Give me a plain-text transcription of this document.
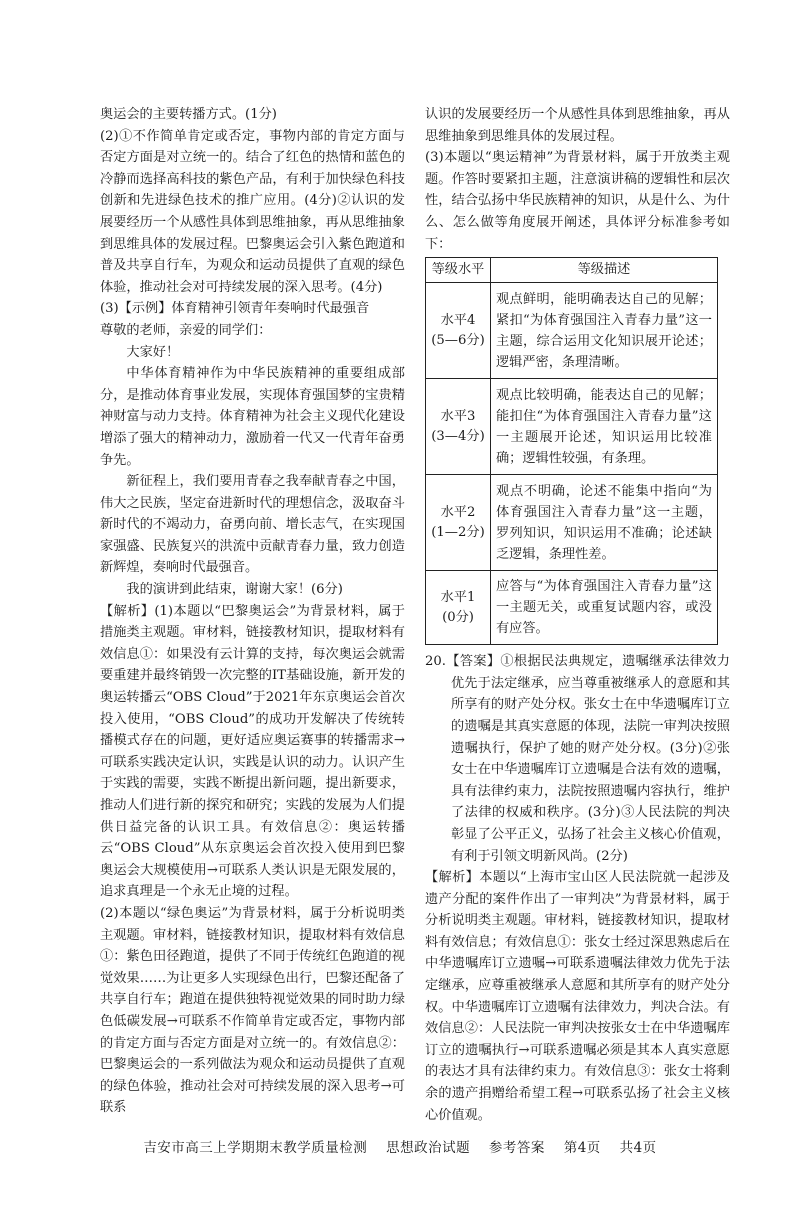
奥运会的主要转播方式。(1分)

(2)①不作简单肯定或否定，事物内部的肯定方面与否定方面是对立统一的。结合了红色的热情和蓝色的冷静而选择高科技的紫色产品，有利于加快绿色科技创新和先进绿色技术的推广应用。(4分)②认识的发展要经历一个从感性具体到思维抽象，再从思维抽象到思维具体的发展过程。巴黎奥运会引入紫色跑道和普及共享自行车，为观众和运动员提供了直观的绿色体验，推动社会对可持续发展的深入思考。(4分)

(3)【示例】体育精神引领青年奏响时代最强音

尊敬的老师，亲爱的同学们：

大家好！

中华体育精神作为中华民族精神的重要组成部分，是推动体育事业发展，实现体育强国梦的宝贵精神财富与动力支持。体育精神为社会主义现代化建设增添了强大的精神动力，激励着一代又一代青年奋勇争先。

新征程上，我们要用青春之我奉献青春之中国，伟大之民族，坚定奋进新时代的理想信念，汲取奋斗新时代的不竭动力，奋勇向前、增长志气，在实现国家强盛、民族复兴的洪流中贡献青春力量，致力创造新辉煌，奏响时代最强音。

我的演讲到此结束，谢谢大家！(6分)

【解析】(1)本题以“巴黎奥运会”为背景材料，属于措施类主观题。审材料，链接教材知识，提取材料有效信息①：如果没有云计算的支持，每次奥运会就需要重建并最终销毁一次完整的IT基础设施，新开发的奥运转播云“OBS Cloud”于2021年东京奥运会首次投入使用，“OBS Cloud”的成功开发解决了传统转播模式存在的问题，更好适应奥运赛事的转播需求→可联系实践决定认识，实践是认识的动力。认识产生于实践的需要，实践不断提出新问题，提出新要求，推动人们进行新的探究和研究；实践的发展为人们提供日益完备的认识工具。有效信息②：奥运转播云“OBS Cloud”从东京奥运会首次投入使用到巴黎奥运会大规模使用→可联系人类认识是无限发展的，追求真理是一个永无止境的过程。

(2)本题以“绿色奥运”为背景材料，属于分析说明类主观题。审材料，链接教材知识，提取材料有效信息①：紫色田径跑道，提供了不同于传统红色跑道的视觉效果……为让更多人实现绿色出行，巴黎还配备了共享自行车；跑道在提供独特视觉效果的同时助力绿色低碳发展→可联系不作简单肯定或否定，事物内部的肯定方面与否定方面是对立统一的。有效信息②：巴黎奥运会的一系列做法为观众和运动员提供了直观的绿色体验，推动社会对可持续发展的深入思考→可联系

认识的发展要经历一个从感性具体到思维抽象，再从思维抽象到思维具体的发展过程。

(3)本题以“奥运精神”为背景材料，属于开放类主观题。作答时要紧扣主题，注意演讲稿的逻辑性和层次性，结合弘扬中华民族精神的知识，从是什么、为什么、怎么做等角度展开阐述，具体评分标准参考如下：

等级水平	等级描述

水平4
(5—6分)	观点鲜明，能明确表达自己的见解；紧扣“为体育强国注入青春力量”这一主题，综合运用文化知识展开论述；逻辑严密，条理清晰。

水平3
(3—4分)	观点比较明确，能表达自己的见解；能扣住“为体育强国注入青春力量”这一主题展开论述，知识运用比较准确；逻辑性较强，有条理。

水平2
(1—2分)	观点不明确，论述不能集中指向“为体育强国注入青春力量”这一主题，罗列知识，知识运用不准确；论述缺乏逻辑，条理性差。

水平1
(0分)	应答与“为体育强国注入青春力量”这一主题无关，或重复试题内容，或没有应答。

20.【答案】①根据民法典规定，遗嘱继承法律效力优先于法定继承，应当尊重被继承人的意愿和其所享有的财产处分权。张女士在中华遗嘱库订立的遗嘱是其真实意愿的体现，法院一审判决按照遗嘱执行，保护了她的财产处分权。(3分)②张女士在中华遗嘱库订立遗嘱是合法有效的遗嘱，具有法律约束力，法院按照遗嘱内容执行，维护了法律的权威和秩序。(3分)③人民法院的判决彰显了公平正义，弘扬了社会主义核心价值观，有利于引领文明新风尚。(2分)

【解析】本题以“上海市宝山区人民法院就一起涉及遗产分配的案件作出了一审判决”为背景材料，属于分析说明类主观题。审材料，链接教材知识，提取材料有效信息；有效信息①：张女士经过深思熟虑后在中华遗嘱库订立遗嘱→可联系遗嘱法律效力优先于法定继承，应尊重被继承人意愿和其所享有的财产处分权。中华遗嘱库订立遗嘱有法律效力，判决合法。有效信息②：人民法院一审判决按张女士在中华遗嘱库订立的遗嘱执行→可联系遗嘱必须是其本人真实意愿的表达才具有法律约束力。有效信息③：张女士将剩余的遗产捐赠给希望工程→可联系弘扬了社会主义核心价值观。

吉安市高三上学期期末教学质量检测 思想政治试题 参考答案 第4页 共4页
